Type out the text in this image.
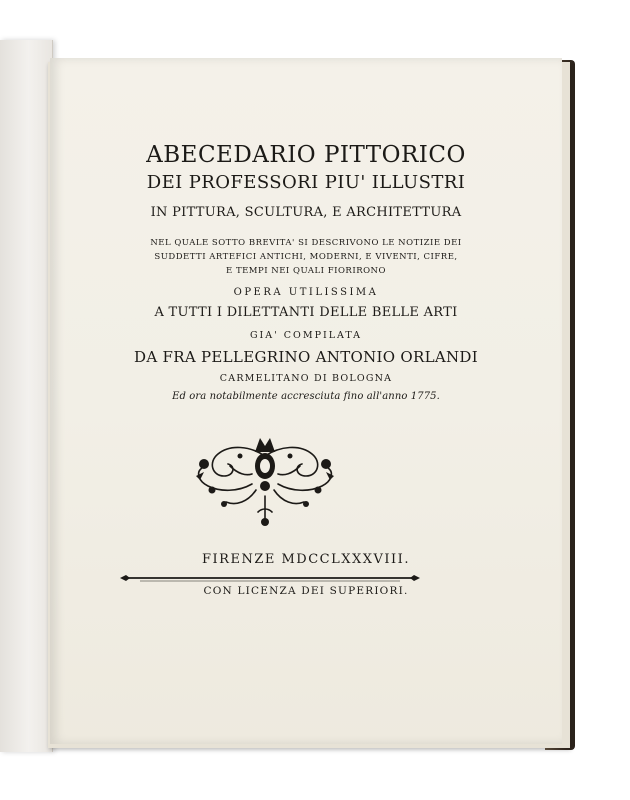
ABECEDARIO PITTORICO
DEI PROFESSORI PIU' ILLUSTRI
IN PITTURA, SCULTURA, E ARCHITETTURA
NEL QUALE SOTTO BREVITA' SI DESCRIVONO LE NOTIZIE DEI
SUDDETTI ARTEFICI ANTICHI, MODERNI, E VIVENTI, CIFRE,
E TEMPI NEI QUALI FIORIRONO
OPERA UTILISSIMA
A TUTTI I DILETTANTI DELLE BELLE ARTI
GIA' COMPILATA
DA FRA PELLEGRINO ANTONIO ORLANDI
CARMELITANO DI BOLOGNA
Ed ora notabilmente accresciuta fino all'anno 1775.
FIRENZE MDCCLXXXVIII.
CON LICENZA DEI SUPERIORI.
